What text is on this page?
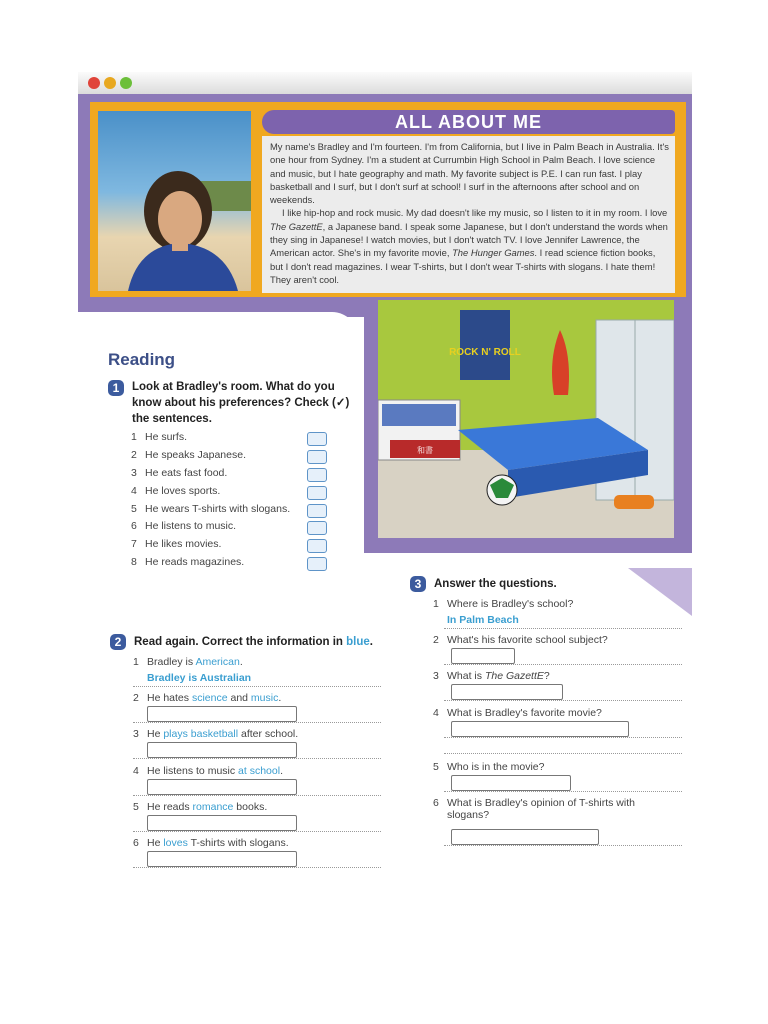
ALL ABOUT ME

My name's Bradley and I'm fourteen. I'm from California, but I live in Palm Beach in Australia. It's one hour from Sydney. I'm a student at Currumbin High School in Palm Beach. I love science and music, but I hate geography and math. My favorite subject is P.E. I can run fast. I play basketball and I surf, but I don't surf at school! I surf in the afternoons after school and on weekends.

I like hip-hop and rock music. My dad doesn't like my music, so I listen to it in my room. I love The GazettE, a Japanese band. I speak some Japanese, but I don't understand the words when they sing in Japanese! I watch movies, but I don't watch TV. I love Jennifer Lawrence, the American actor. She's in my favorite movie, The Hunger Games. I read science fiction books, but I don't read magazines. I wear T-shirts, but I don't wear T-shirts with slogans. I hate them! They aren't cool.

ROCK N' ROLL
和書
Reading
1	Look at Bradley's room. What do you
know about his preferences? Check (✓)
the sentences.

1 He surfs.
2 He speaks Japanese.
3 He eats fast food.
4 He loves sports.
5 He wears T-shirts with slogans.
6 He listens to music.
7 He likes movies.
8 He reads magazines.
2	Read again. Correct the information in blue.

1 Bradley is American.
Bradley is Australian
2 He hates science and music.
3 He plays basketball after school.
4 He listens to music at school.
5 He reads romance books.
6 He loves T-shirts with slogans.
3	Answer the questions.

1 Where is Bradley's school?
In Palm Beach
2 What's his favorite school subject?
3 What is The GazettE?
4 What is Bradley's favorite movie?
5 Who is in the movie?
6 What is Bradley's opinion of T-shirts with
slogans?
